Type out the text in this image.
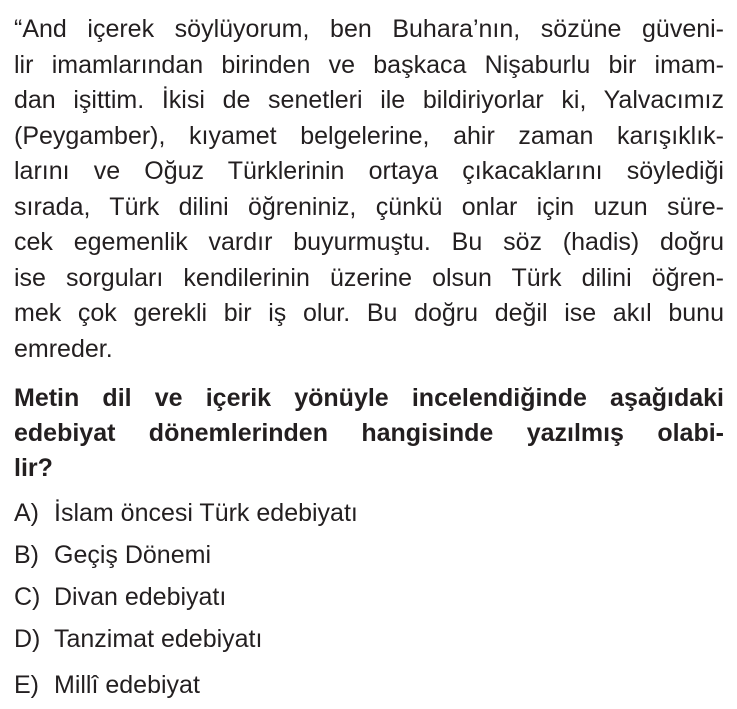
“And içerek söylüyorum, ben Buhara’nın, sözüne güveni-
lir imamlarından birinden ve başkaca Nişaburlu bir imam-
dan işittim. İkisi de senetleri ile bildiriyorlar ki, Yalvacımız
(Peygamber), kıyamet belgelerine, ahir zaman karışıklık-
larını ve Oğuz Türklerinin ortaya çıkacaklarını söylediği
sırada, Türk dilini öğreniniz, çünkü onlar için uzun süre-
cek egemenlik vardır buyurmuştu. Bu söz (hadis) doğru
ise sorguları kendilerinin üzerine olsun Türk dilini öğren-
mek çok gerekli bir iş olur. Bu doğru değil ise akıl bunu
emreder.

Metin dil ve içerik yönüyle incelendiğinde aşağıdaki
edebiyat dönemlerinden hangisinde yazılmış olabi-
lir?

A) İslam öncesi Türk edebiyatı
B) Geçiş Dönemi
C) Divan edebiyatı
D) Tanzimat edebiyatı
E) Millî edebiyat
